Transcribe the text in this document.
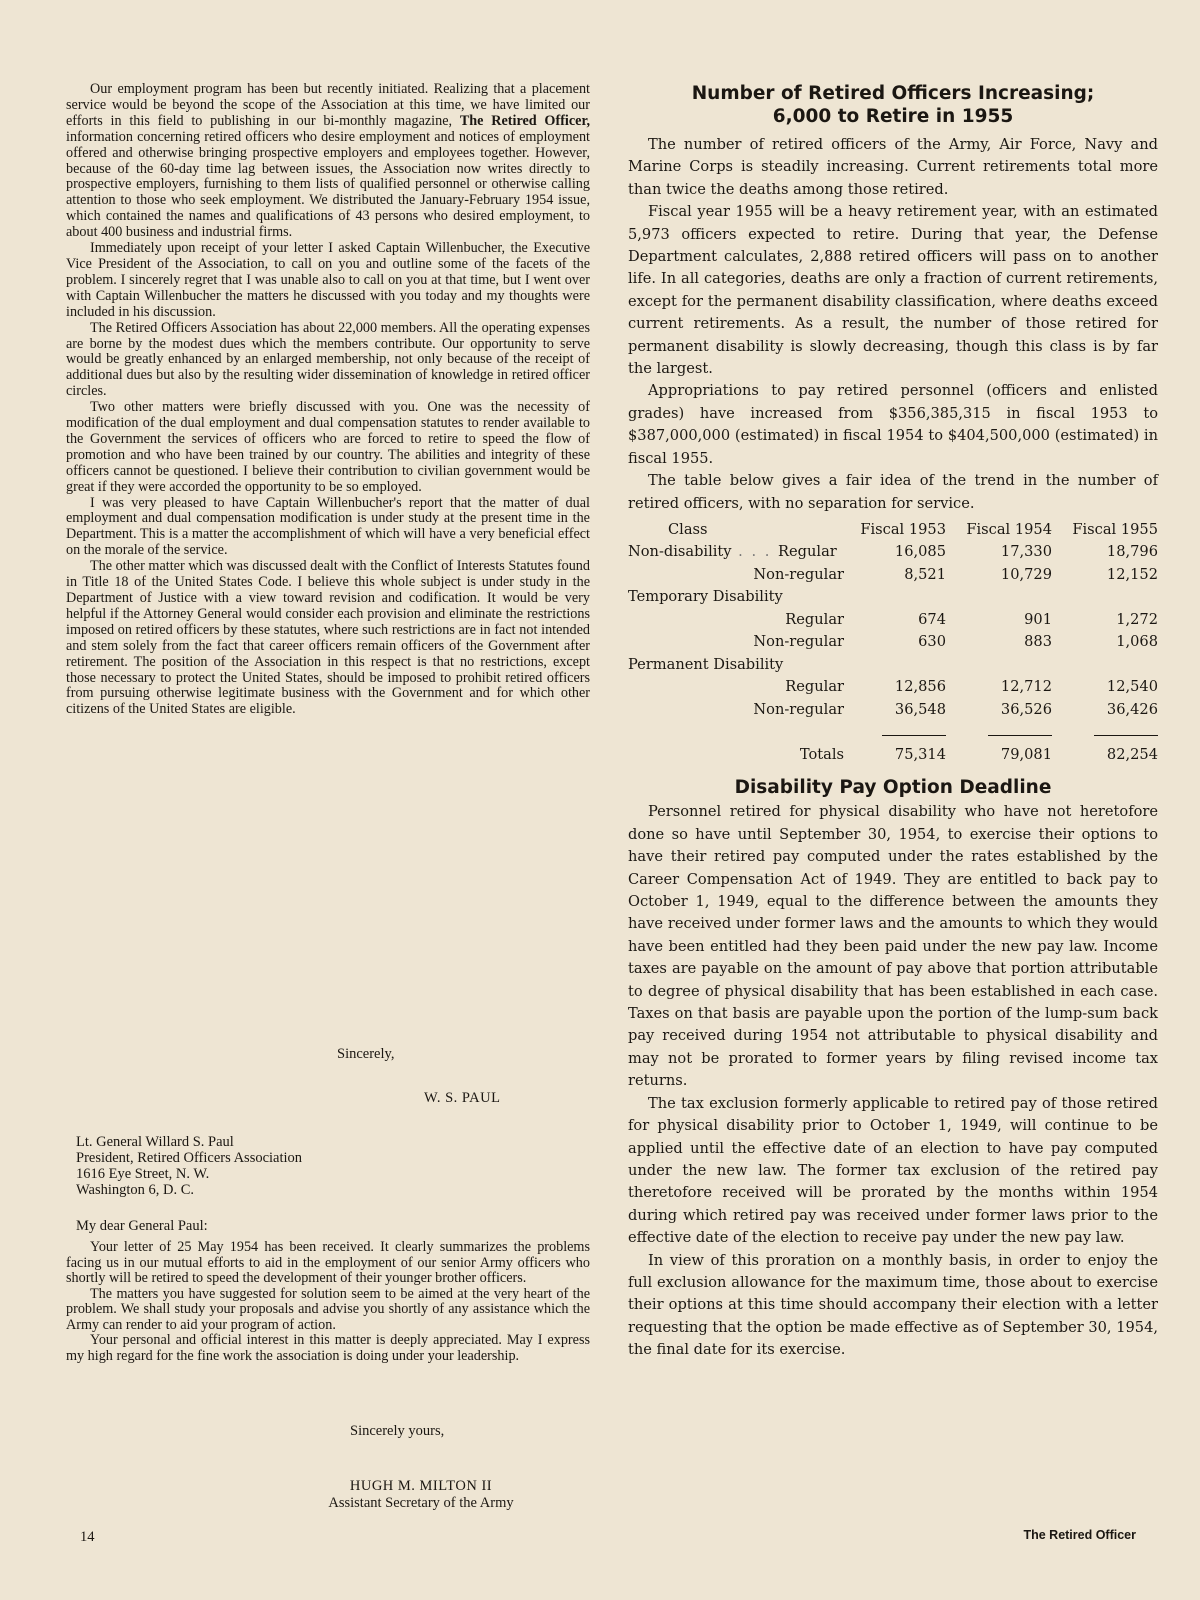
Our employment program has been but recently initiated. Realizing that a placement service would be beyond the scope of the Association at this time, we have limited our efforts in this field to publishing in our bi-monthly magazine, The Retired Officer, information concerning retired officers who desire employment and notices of employment offered and otherwise bringing prospective employers and employees together. However, because of the 60-day time lag between issues, the Association now writes directly to prospective employers, furnishing to them lists of qualified personnel or otherwise calling attention to those who seek employment. We distributed the January-February 1954 issue, which contained the names and qualifications of 43 persons who desired employment, to about 400 business and industrial firms.

Immediately upon receipt of your letter I asked Captain Willenbucher, the Executive Vice President of the Association, to call on you and outline some of the facets of the problem. I sincerely regret that I was unable also to call on you at that time, but I went over with Captain Willenbucher the matters he discussed with you today and my thoughts were included in his discussion.

The Retired Officers Association has about 22,000 members. All the operating expenses are borne by the modest dues which the members contribute. Our opportunity to serve would be greatly enhanced by an enlarged membership, not only because of the receipt of additional dues but also by the resulting wider dissemination of knowledge in retired officer circles.

Two other matters were briefly discussed with you. One was the necessity of modification of the dual employment and dual compensation statutes to render available to the Government the services of officers who are forced to retire to speed the flow of promotion and who have been trained by our country. The abilities and integrity of these officers cannot be questioned. I believe their contribution to civilian government would be great if they were accorded the opportunity to be so employed.

I was very pleased to have Captain Willenbucher's report that the matter of dual employment and dual compensation modification is under study at the present time in the Department. This is a matter the accomplishment of which will have a very beneficial effect on the morale of the service.

The other matter which was discussed dealt with the Conflict of Interests Statutes found in Title 18 of the United States Code. I believe this whole subject is under study in the Department of Justice with a view toward revision and codification. It would be very helpful if the Attorney General would consider each provision and eliminate the restrictions imposed on retired officers by these statutes, where such restrictions are in fact not intended and stem solely from the fact that career officers remain officers of the Government after retirement. The position of the Association in this respect is that no restrictions, except those necessary to protect the United States, should be imposed to prohibit retired officers from pursuing otherwise legitimate business with the Government and for which other citizens of the United States are eligible.

Sincerely,
W. S. PAUL
Lt. General Willard S. Paul
President, Retired Officers Association
1616 Eye Street, N. W.
Washington 6, D. C.
My dear General Paul:

Your letter of 25 May 1954 has been received. It clearly summarizes the problems facing us in our mutual efforts to aid in the employment of our senior Army officers who shortly will be retired to speed the development of their younger brother officers.

The matters you have suggested for solution seem to be aimed at the very heart of the problem. We shall study your proposals and advise you shortly of any assistance which the Army can render to aid your program of action.

Your personal and official interest in this matter is deeply appreciated. May I express my high regard for the fine work the association is doing under your leadership.

Sincerely yours,
HUGH M. MILTON II
Assistant Secretary of the Army
Number of Retired Officers Increasing;
6,000 to Retire in 1955

The number of retired officers of the Army, Air Force, Navy and Marine Corps is steadily increasing. Current retirements total more than twice the deaths among those retired.

Fiscal year 1955 will be a heavy retirement year, with an estimated 5,973 officers expected to retire. During that year, the Defense Department calculates, 2,888 retired officers will pass on to another life. In all categories, deaths are only a fraction of current retirements, except for the permanent disability classification, where deaths exceed current retirements. As a result, the number of those retired for permanent disability is slowly decreasing, though this class is by far the largest.

Appropriations to pay retired personnel (officers and enlisted grades) have increased from $356,385,315 in fiscal 1953 to $387,000,000 (estimated) in fiscal 1954 to $404,500,000 (estimated) in fiscal 1955.

The table below gives a fair idea of the trend in the number of retired officers, with no separation for service.

Class	Fiscal 1953	Fiscal 1954	Fiscal 1955
Non-disability . . . Regular	16,085	17,330	18,796
Non-regular	8,521	10,729	12,152
Temporary Disability			
Regular	674	901	1,272
Non-regular	630	883	1,068
Permanent Disability			
Regular	12,856	12,712	12,540
Non-regular	36,548	36,526	36,426

Totals	75,314	79,081	82,254
Disability Pay Option Deadline

Personnel retired for physical disability who have not heretofore done so have until September 30, 1954, to exercise their options to have their retired pay computed under the rates established by the Career Compensation Act of 1949. They are entitled to back pay to October 1, 1949, equal to the difference between the amounts they have received under former laws and the amounts to which they would have been entitled had they been paid under the new pay law. Income taxes are payable on the amount of pay above that portion attributable to degree of physical disability that has been established in each case. Taxes on that basis are payable upon the portion of the lump-sum back pay received during 1954 not attributable to physical disability and may not be prorated to former years by filing revised income tax returns.

The tax exclusion formerly applicable to retired pay of those retired for physical disability prior to October 1, 1949, will continue to be applied until the effective date of an election to have pay computed under the new law. The former tax exclusion of the retired pay theretofore received will be prorated by the months within 1954 during which retired pay was received under former laws prior to the effective date of the election to receive pay under the new pay law.

In view of this proration on a monthly basis, in order to enjoy the full exclusion allowance for the maximum time, those about to exercise their options at this time should accompany their election with a letter requesting that the option be made effective as of September 30, 1954, the final date for its exercise.

14	The Retired Officer
